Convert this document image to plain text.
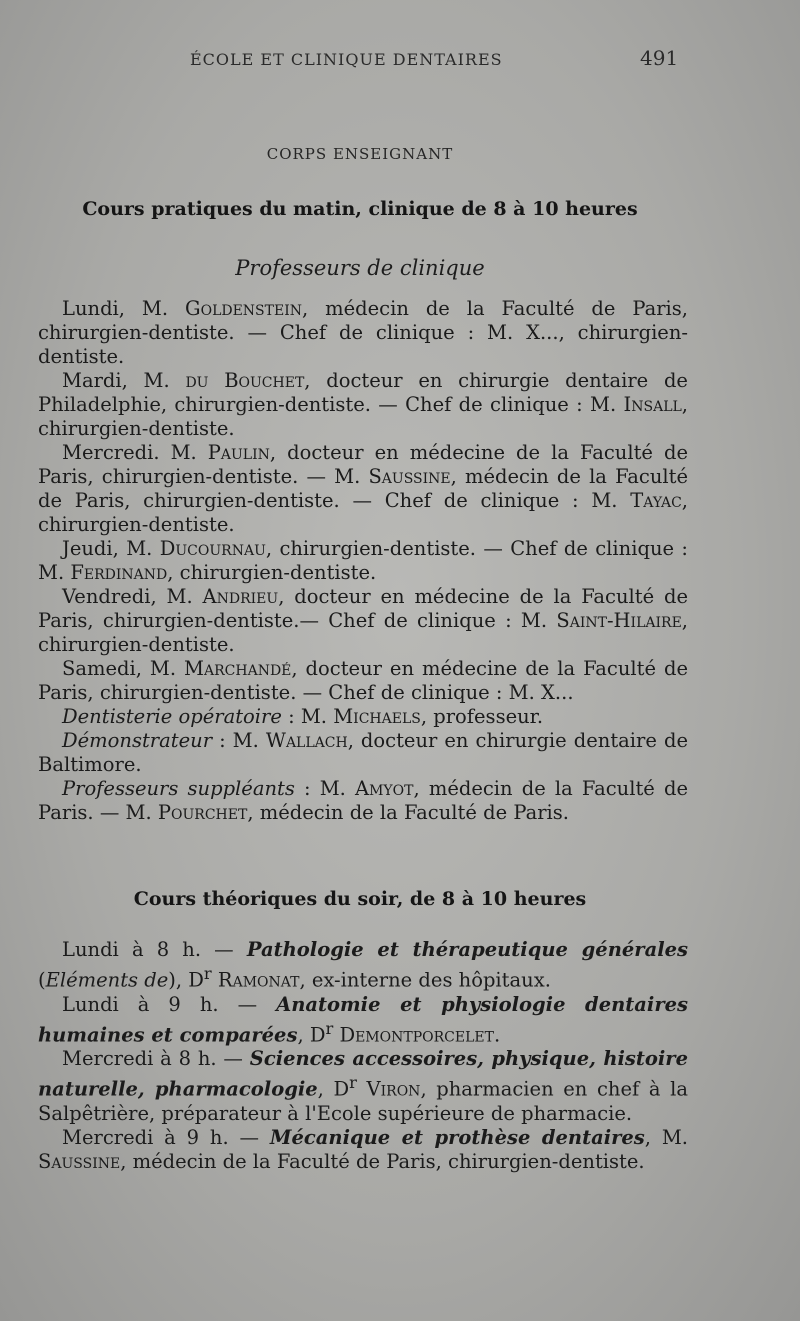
ÉCOLE ET CLINIQUE DENTAIRES	491
CORPS ENSEIGNANT
Cours pratiques du matin, clinique de 8 à 10 heures
Professeurs de clinique

Lundi, M. Goldenstein, médecin de la Faculté de Paris, chirurgien-dentiste. — Chef de clinique : M. X..., chirurgien-dentiste.

Mardi, M. du Bouchet, docteur en chirurgie dentaire de Philadelphie, chirurgien-dentiste. — Chef de clinique : M. Insall, chirurgien-dentiste.

Mercredi. M. Paulin, docteur en médecine de la Faculté de Paris, chirurgien-dentiste. — M. Saussine, médecin de la Faculté de Paris, chirurgien-dentiste. — Chef de clinique : M. Tayac, chirurgien-dentiste.

Jeudi, M. Ducournau, chirurgien-dentiste. — Chef de clinique : M. Ferdinand, chirurgien-dentiste.

Vendredi, M. Andrieu, docteur en médecine de la Faculté de Paris, chirurgien-dentiste.— Chef de clinique : M. Saint-Hilaire, chirurgien-dentiste.

Samedi, M. Marchandé, docteur en médecine de la Faculté de Paris, chirurgien-dentiste. — Chef de clinique : M. X...

Dentisterie opératoire : M. Michaels, professeur.

Démonstrateur : M. Wallach, docteur en chirurgie dentaire de Baltimore.

Professeurs suppléants : M. Amyot, médecin de la Faculté de Paris. — M. Pourchet, médecin de la Faculté de Paris.

Cours théoriques du soir, de 8 à 10 heures

Lundi à 8 h. — Pathologie et thérapeutique générales (Eléments de), $D^r$ Ramonat, ex-interne des hôpitaux.

Lundi à 9 h. — Anatomie et physiologie dentaires humaines et comparées, $D^r$ Demontporcelet.

Mercredi à 8 h. — Sciences accessoires, physique, histoire naturelle, pharmacologie, $D^r$ Viron, pharmacien en chef à la Salpêtrière, préparateur à l'Ecole supérieure de pharmacie.

Mercredi à 9 h. — Mécanique et prothèse dentaires, M. Saussine, médecin de la Faculté de Paris, chirurgien-dentiste.
